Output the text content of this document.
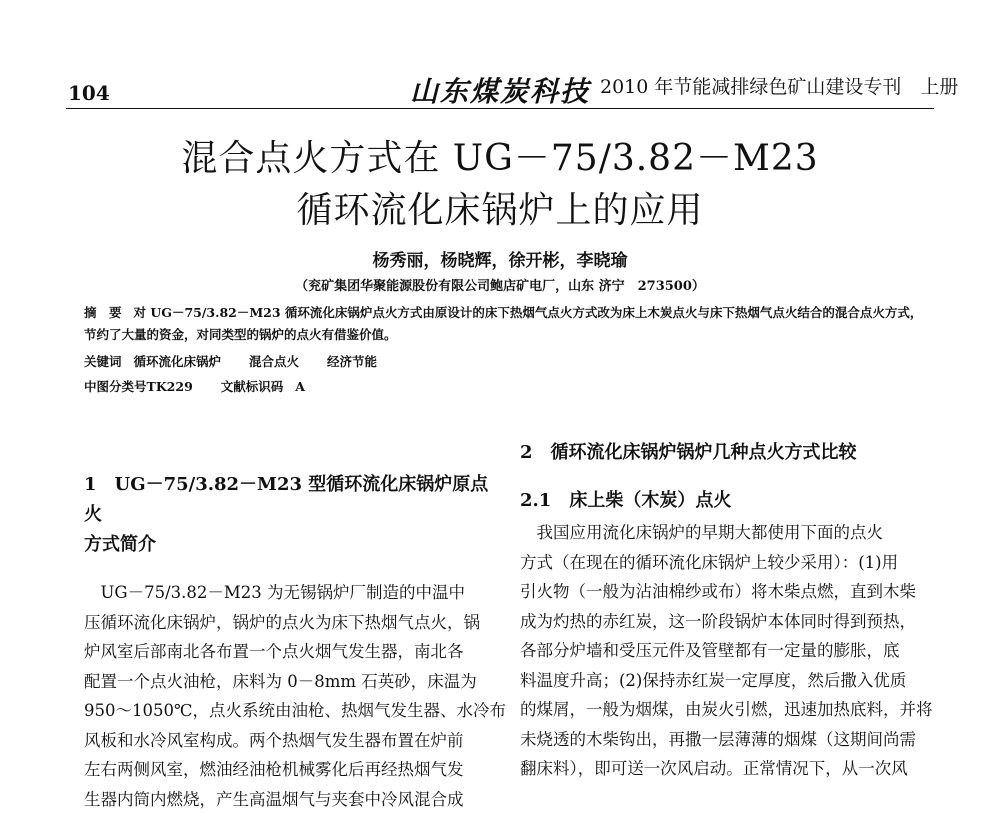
104	山东煤炭科技 2010 年节能减排绿色矿山建设专刊　上册
混合点火方式在 UG－75/3.82－M23
循环流化床锅炉上的应用
杨秀丽，杨晓辉，徐开彬，李晓瑜
（兖矿集团华聚能源股份有限公司鲍店矿电厂，山东 济宁　273500）
摘　要 对 UG－75/3.82－M23 循环流化床锅炉点火方式由原设计的床下热烟气点火方式改为床上木炭点火与床下热烟气点火结合的混合点火方式，节约了大量的资金，对同类型的锅炉的点火有借鉴价值。
关键词 循环流化床锅炉 混合点火 经济节能
中图分类号TK229 文献标识码 A
1　UG－75/3.82－M23 型循环流化床锅炉原点火
方式简介
　UG－75/3.82－M23 为无锡锅炉厂制造的中温中
压循环流化床锅炉，锅炉的点火为床下热烟气点火，锅
炉风室后部南北各布置一个点火烟气发生器，南北各
配置一个点火油枪，床料为 0－8mm 石英砂，床温为
950～1050℃，点火系统由油枪、热烟气发生器、水冷布
风板和水冷风室构成。两个热烟气发生器布置在炉前
左右两侧风室，燃油经油枪机械雾化后再经热烟气发
生器内筒内燃烧，产生高温烟气与夹套中冷风混合成
2　循环流化床锅炉锅炉几种点火方式比较
2.1　床上柴（木炭）点火
　我国应用流化床锅炉的早期大都使用下面的点火
方式（在现在的循环流化床锅炉上较少采用）：(1)用
引火物（一般为沾油棉纱或布）将木柴点燃，直到木柴
成为灼热的赤红炭，这一阶段锅炉本体同时得到预热，
各部分炉墙和受压元件及管壁都有一定量的膨胀，底
料温度升高；(2)保持赤红炭一定厚度，然后撒入优质
的煤屑，一般为烟煤，由炭火引燃，迅速加热底料，并将
未烧透的木柴钩出，再撒一层薄薄的烟煤（这期间尚需
翻床料），即可送一次风启动。正常情况下，从一次风
